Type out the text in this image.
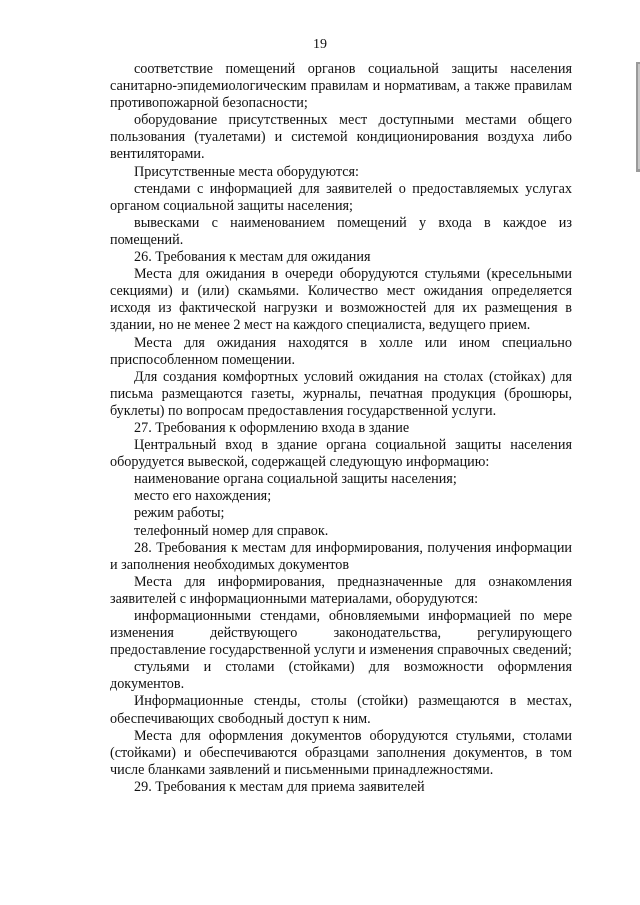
19

соответствие помещений органов социальной защиты населения санитарно-эпидемиологическим правилам и нормативам, а также правилам противопожарной безопасности;

оборудование присутственных мест доступными местами общего пользования (туалетами) и системой кондиционирования воздуха либо вентиляторами.

Присутственные места оборудуются:

стендами с информацией для заявителей о предоставляемых услугах органом социальной защиты населения;

вывесками с наименованием помещений у входа в каждое из помещений.

26. Требования к местам для ожидания

Места для ожидания в очереди оборудуются стульями (кресельными секциями) и (или) скамьями. Количество мест ожидания определяется исходя из фактической нагрузки и возможностей для их размещения в здании, но не менее 2 мест на каждого специалиста, ведущего прием.

Места для ожидания находятся в холле или ином специально приспособленном помещении.

Для создания комфортных условий ожидания на столах (стойках) для письма размещаются газеты, журналы, печатная продукция (брошюры, буклеты) по вопросам предоставления государственной услуги.

27. Требования к оформлению входа в здание

Центральный вход в здание органа социальной защиты населения оборудуется вывеской, содержащей следующую информацию:

наименование органа социальной защиты населения;

место его нахождения;

режим работы;

телефонный номер для справок.

28. Требования к местам для информирования, получения информации и заполнения необходимых документов

Места для информирования, предназначенные для ознакомления заявителей с информационными материалами, оборудуются:

информационными стендами, обновляемыми информацией по мере изменения действующего законодательства, регулирующего предоставление государственной услуги и изменения справочных сведений;

стульями и столами (стойками) для возможности оформления документов.

Информационные стенды, столы (стойки) размещаются в местах, обеспечивающих свободный доступ к ним.

Места для оформления документов оборудуются стульями, столами (стойками) и обеспечиваются образцами заполнения документов, в том числе бланками заявлений и письменными принадлежностями.

29. Требования к местам для приема заявителей
